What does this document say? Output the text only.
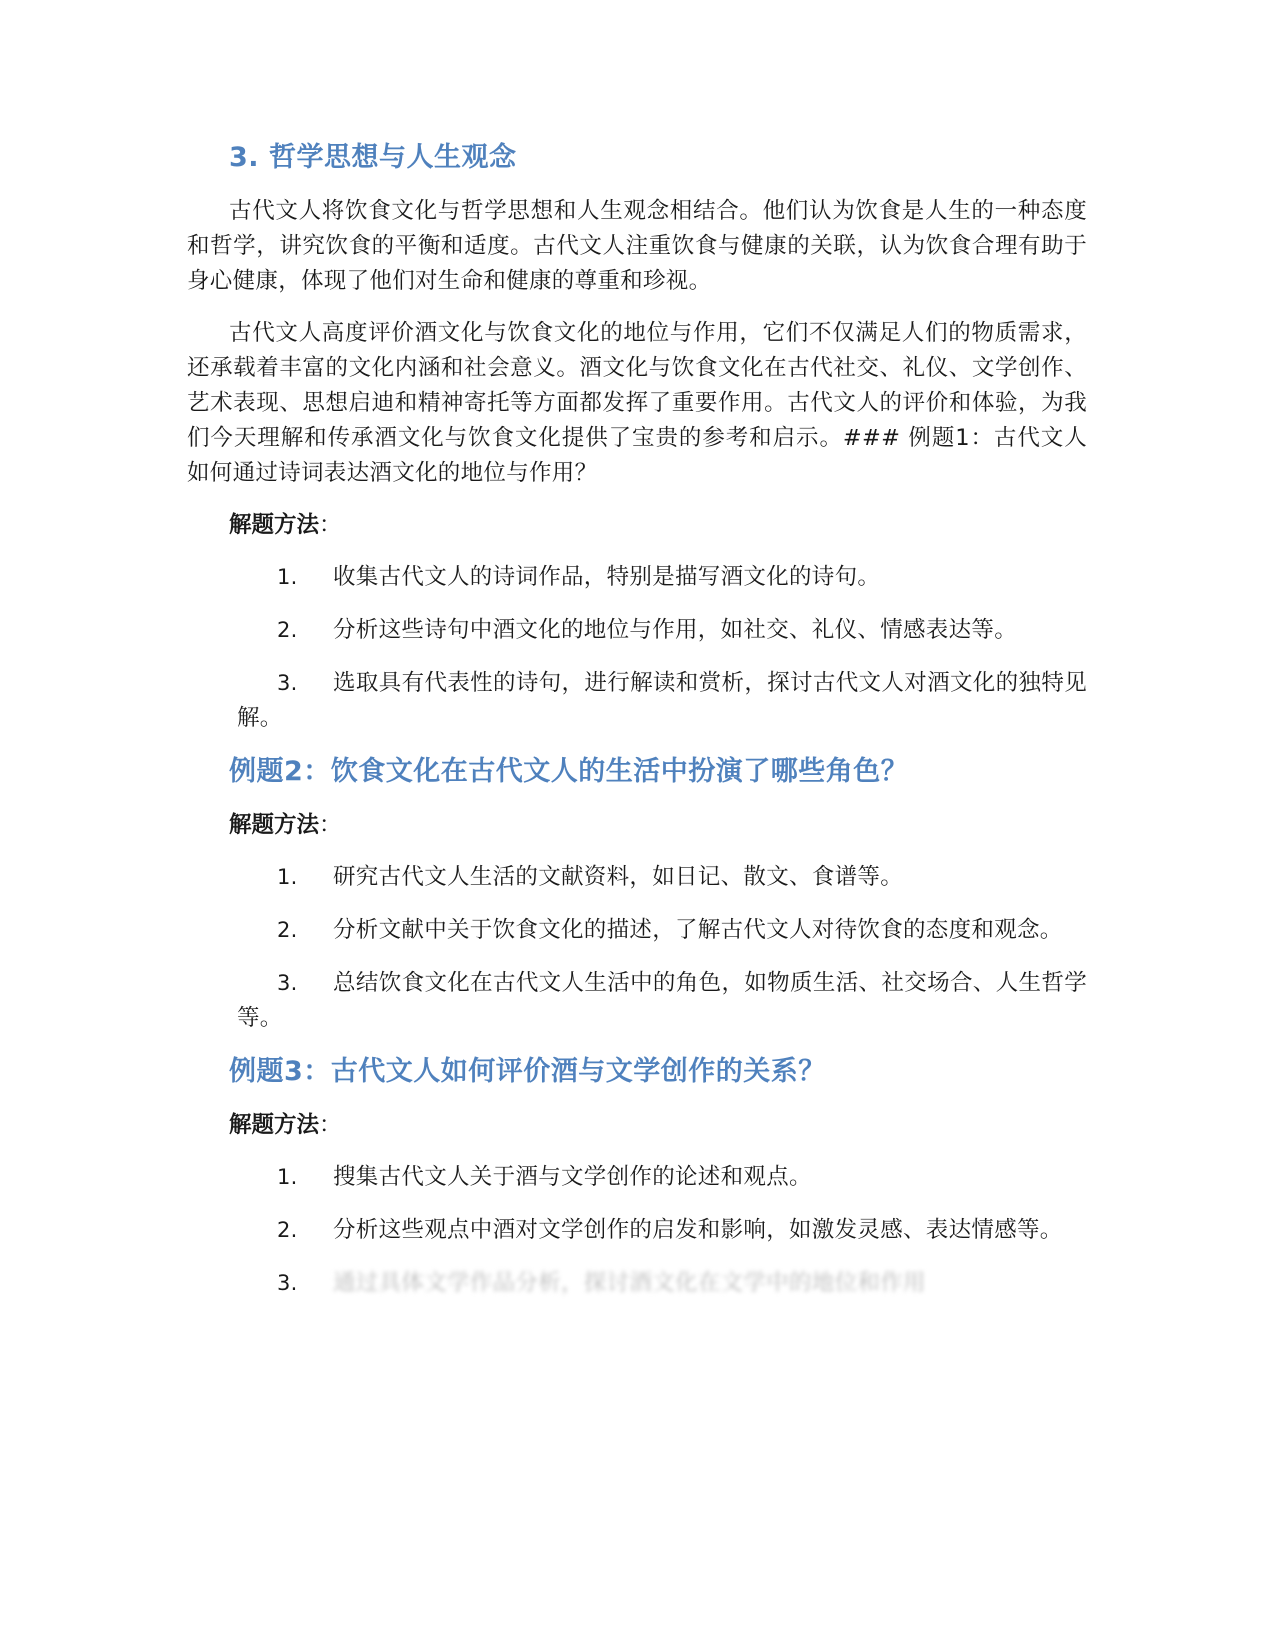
3. 哲学思想与人生观念

古代文人将饮食文化与哲学思想和人生观念相结合。他们认为饮食是人生的一种态度和哲学，讲究饮食的平衡和适度。古代文人注重饮食与健康的关联，认为饮食合理有助于身心健康，体现了他们对生命和健康的尊重和珍视。

古代文人高度评价酒文化与饮食文化的地位与作用，它们不仅满足人们的物质需求，还承载着丰富的文化内涵和社会意义。酒文化与饮食文化在古代社交、礼仪、文学创作、艺术表现、思想启迪和精神寄托等方面都发挥了重要作用。古代文人的评价和体验，为我们今天理解和传承酒文化与饮食文化提供了宝贵的参考和启示。### 例题1：古代文人如何通过诗词表达酒文化的地位与作用？

解题方法：
1. 收集古代文人的诗词作品，特别是描写酒文化的诗句。
2. 分析这些诗句中酒文化的地位与作用，如社交、礼仪、情感表达等。
3. 选取具有代表性的诗句，进行解读和赏析，探讨古代文人对酒文化的独特见解。
例题2：饮食文化在古代文人的生活中扮演了哪些角色？
解题方法：
1. 研究古代文人生活的文献资料，如日记、散文、食谱等。
2. 分析文献中关于饮食文化的描述，了解古代文人对待饮食的态度和观念。
3. 总结饮食文化在古代文人生活中的角色，如物质生活、社交场合、人生哲学等。
例题3：古代文人如何评价酒与文学创作的关系？
解题方法：
1. 搜集古代文人关于酒与文学创作的论述和观点。
2. 分析这些观点中酒对文学创作的启发和影响，如激发灵感、表达情感等。
3. 通过具体文学作品分析，探讨酒文化在文学中的地位和作用
